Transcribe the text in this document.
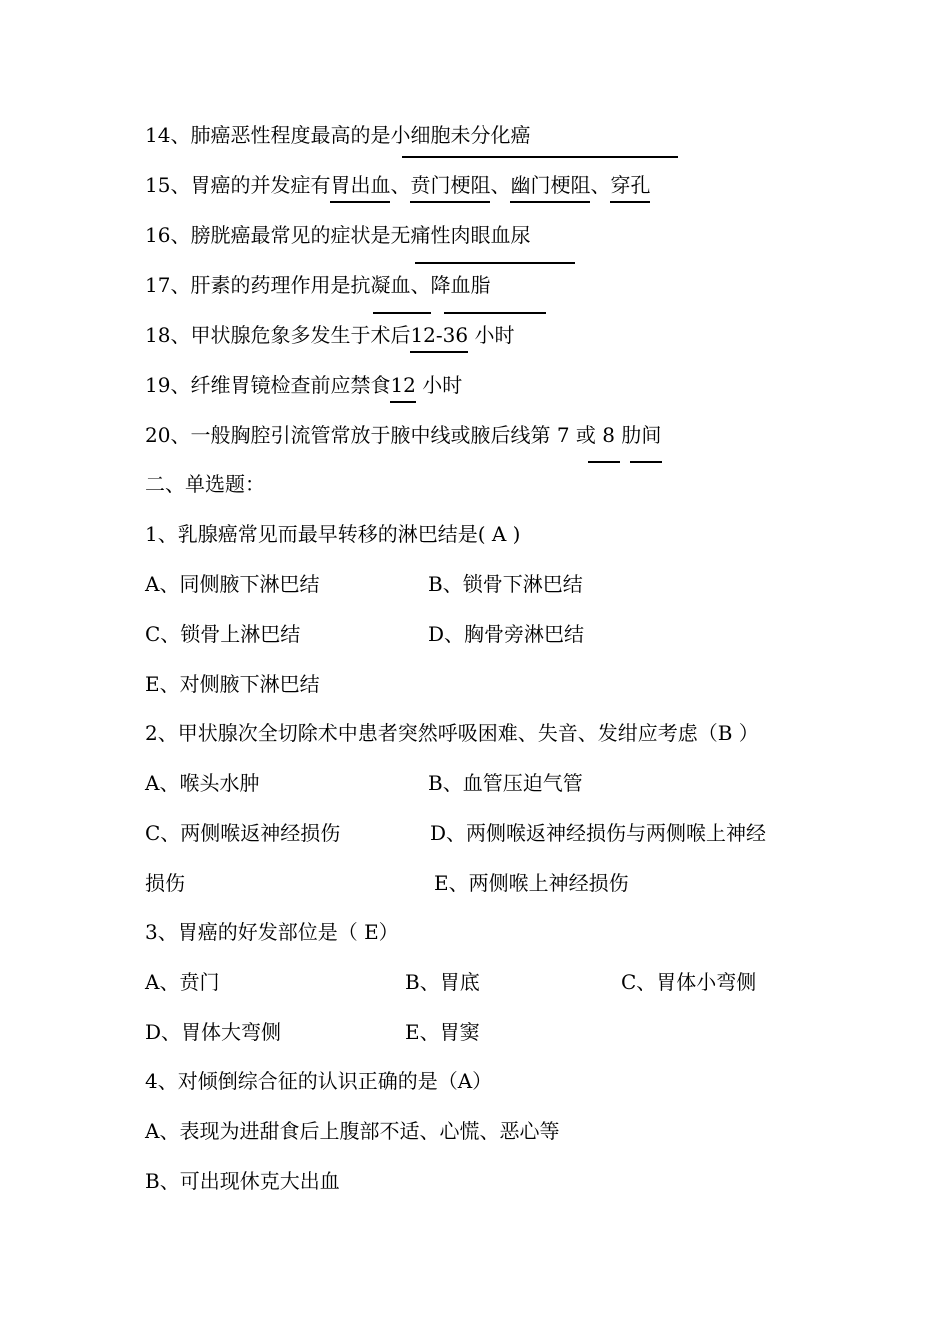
14、肺癌恶性程度最高的是小细胞未分化癌
15、胃癌的并发症有胃出血、贲门梗阻、幽门梗阻、穿孔
16、膀胱癌最常见的症状是无痛性肉眼血尿
17、肝素的药理作用是抗凝血、降血脂
18、甲状腺危象多发生于术后12-36 小时
19、纤维胃镜检查前应禁食12 小时
20、一般胸腔引流管常放于腋中线或腋后线第 7 或 8 肋间
二、单选题：
1、乳腺癌常见而最早转移的淋巴结是( A )
A、同侧腋下淋巴结	B、锁骨下淋巴结
C、锁骨上淋巴结	D、胸骨旁淋巴结
E、对侧腋下淋巴结
2、甲状腺次全切除术中患者突然呼吸困难、失音、发绀应考虑（B ）
A、喉头水肿	B、血管压迫气管
C、两侧喉返神经损伤	D、两侧喉返神经损伤与两侧喉上神经
损伤	E、两侧喉上神经损伤
3、胃癌的好发部位是（ E）
A、贲门	B、胃底	C、胃体小弯侧
D、胃体大弯侧	E、胃窦
4、对倾倒综合征的认识正确的是（A）
A、表现为进甜食后上腹部不适、心慌、恶心等
B、可出现休克大出血
